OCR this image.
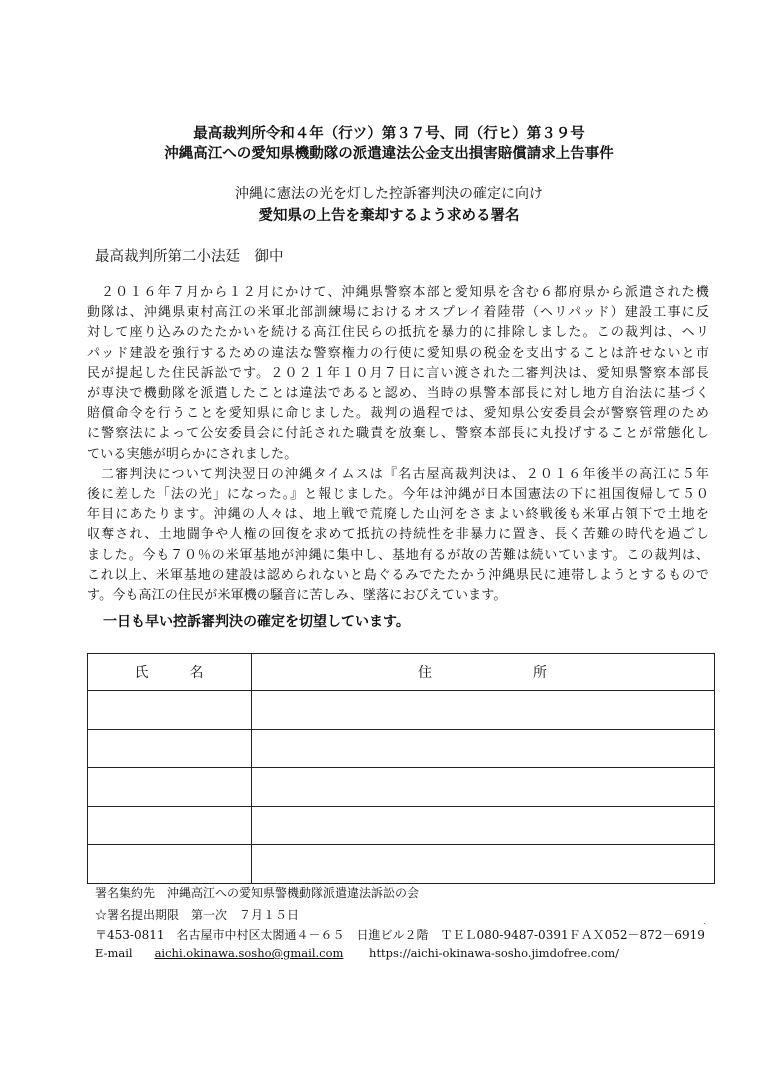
最高裁判所令和４年（行ツ）第３７号、同（行ヒ）第３９号
沖縄高江への愛知県機動隊の派遣違法公金支出損害賠償請求上告事件
沖縄に憲法の光を灯した控訴審判決の確定に向け
愛知県の上告を棄却するよう求める署名
最高裁判所第二小法廷　御中
２０１６年７月から１２月にかけて、沖縄県警察本部と愛知県を含む６都府県から派遣された機
動隊は、沖縄県東村高江の米軍北部訓練場におけるオスプレイ着陸帯（ヘリパッド）建設工事に反
対して座り込みのたたかいを続ける高江住民らの抵抗を暴力的に排除しました。この裁判は、ヘリ
パッド建設を強行するための違法な警察権力の行使に愛知県の税金を支出することは許せないと市
民が提起した住民訴訟です。２０２１年１０月７日に言い渡された二審判決は、愛知県警察本部長
が専決で機動隊を派遣したことは違法であると認め、当時の県警本部長に対し地方自治法に基づく
賠償命令を行うことを愛知県に命じました。裁判の過程では、愛知県公安委員会が警察管理のため
に警察法によって公安委員会に付託された職責を放棄し、警察本部長に丸投げすることが常態化し
ている実態が明らかにされました。
二審判決について判決翌日の沖縄タイムスは『名古屋高裁判決は、２０１６年後半の高江に５年
後に差した「法の光」になった。』と報じました。今年は沖縄が日本国憲法の下に祖国復帰して５０
年目にあたります。沖縄の人々は、地上戦で荒廃した山河をさまよい終戦後も米軍占領下で土地を
収奪され、土地闘争や人権の回復を求めて抵抗の持続性を非暴力に置き、長く苦難の時代を過ごし
ました。今も７０％の米軍基地が沖縄に集中し、基地有るが故の苦難は続いています。この裁判は、
これ以上、米軍基地の建設は認められないと島ぐるみでたたかう沖縄県民に連帯しようとするもので
す。今も高江の住民が米軍機の騒音に苦しみ、墜落におびえています。
一日も早い控訴審判決の確定を切望しています。
氏 名	住 所

署名集約先　沖縄高江への愛知県警機動隊派遣違法訴訟の会
☆署名提出期限　第一次　７月１５日
〒453-0811　名古屋市中村区太閤通４－６５　日進ビル２階　ＴＥＬ080-9487-0391ＦＡＸ052－872－6919
E-mail aichi.okinawa.sosho@gmail.com https://aichi-okinawa-sosho.jimdofree.com/
ˎ
